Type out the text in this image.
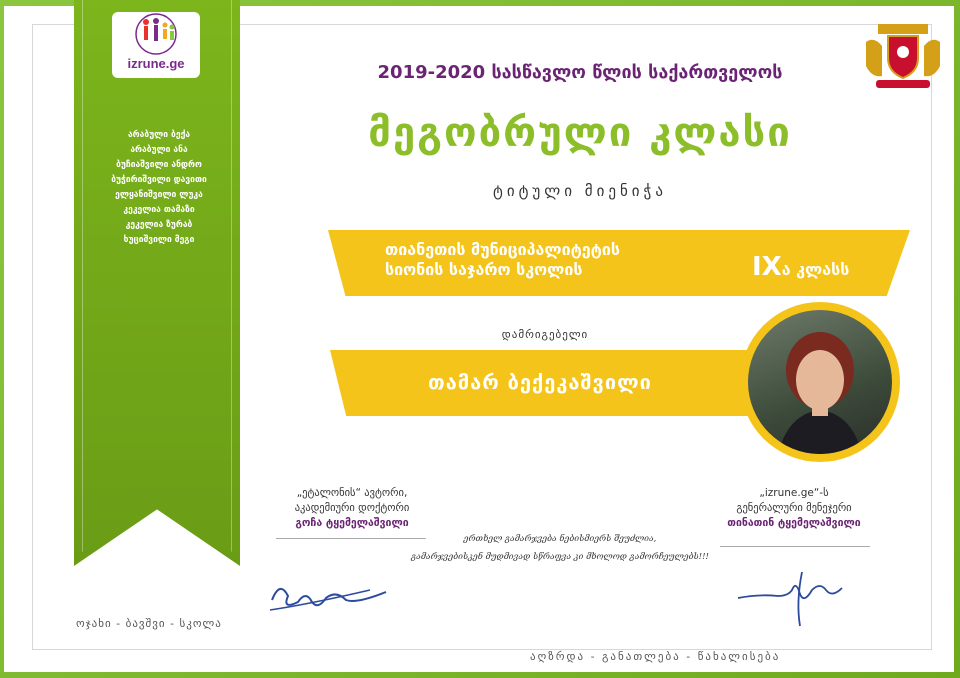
izrune.ge
არაბული ბექა
არაბული ანა
ბუჩიაშვილი ანდრო
ბუჭირიშვილი დავითი
ელყანიშვილი ლუკა
კეკელია თამაზი
კეკელია ზურაბ
ხუციშვილი მეგი
ოჯახი - ბავშვი - სკოლა
2019-2020 სასწავლო წლის საქართველოს
მეგობრული კლასი
ტიტული მიენიჭა
თიანეთის მუნიციპალიტეტის
სიონის საჯარო სკოლის	IXა კლასს
დამრიგებელი
თამარ ბექეკაშვილი
„ეტალონის“ ავტორი,
აკადემიური დოქტორი
გოჩა ტყემელაშვილი
„izrune.ge“-ს
გენერალური მენეჯერი
თინათინ ტყემელაშვილი
ერთხელ გამარჯვება ნებისმიერს შეუძლია,
გამარჯვებისკენ მუდმივად სწრაფვა კი მხოლოდ გამორჩეულებს!!!
აღზრდა - განათლება - წახალისება
